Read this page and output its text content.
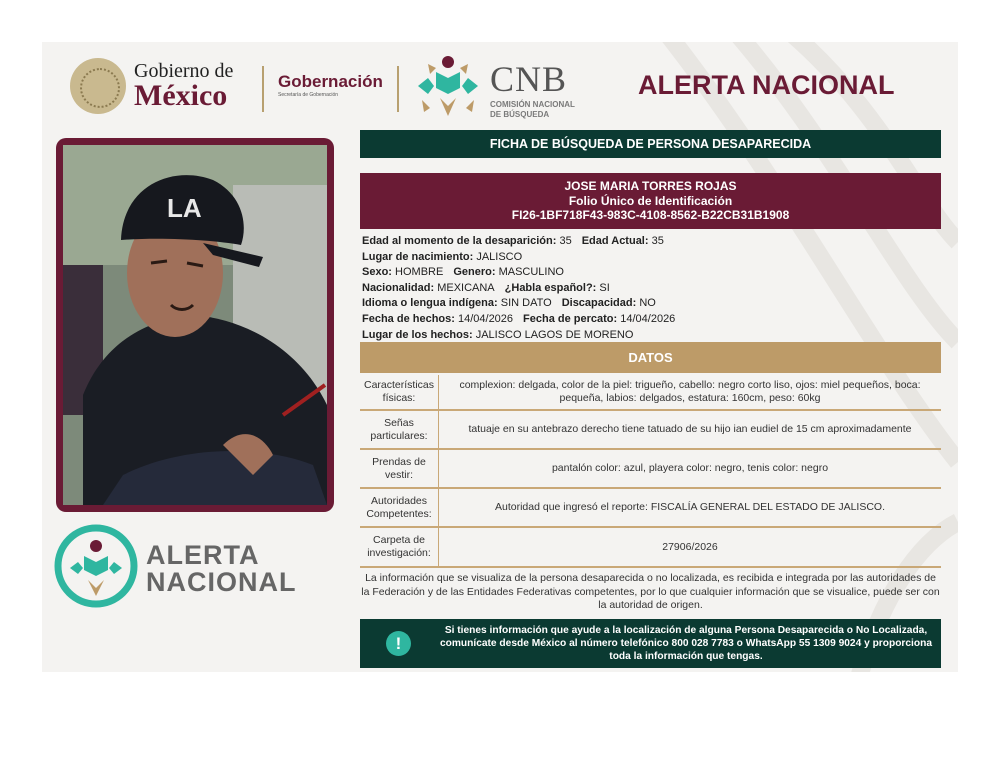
Gobierno de
México	Gobernación
Secretaría de Gobernación	CNB
COMISIÓN NACIONAL
DE BÚSQUEDA
ALERTA NACIONAL
LA
ALERTA
NACIONAL
FICHA DE BÚSQUEDA DE PERSONA DESAPARECIDA
JOSE MARIA TORRES ROJAS
Folio Único de Identificación
FI26-1BF718F43-983C-4108-8562-B22CB31B1908
Edad al momento de la desaparición: 35 Edad Actual: 35
Lugar de nacimiento: JALISCO
Sexo: HOMBRE Genero: MASCULINO
Nacionalidad: MEXICANA ¿Habla español?: SI
Idioma o lengua indígena: SIN DATO Discapacidad: NO
Fecha de hechos: 14/04/2026 Fecha de percato: 14/04/2026
Lugar de los hechos: JALISCO LAGOS DE MORENO
DATOS
Características
físicas:
complexion: delgada, color de la piel: trigueño, cabello: negro corto liso, ojos: miel pequeños, boca: pequeña, labios: delgados, estatura: 160cm, peso: 60kg
Señas
particulares:
tatuaje en su antebrazo derecho tiene tatuado de su hijo ian eudiel de 15 cm aproximadamente
Prendas de
vestir:
pantalón color: azul, playera color: negro, tenis color: negro
Autoridades
Competentes:
Autoridad que ingresó el reporte: FISCALÍA GENERAL DEL ESTADO DE JALISCO.
Carpeta de
investigación:
27906/2026
La información que se visualiza de la persona desaparecida o no localizada, es recibida e integrada por las autoridades de la Federación y de las Entidades Federativas competentes, por lo que cualquier información que se visualice, puede ser con la autoridad de origen.
!
Si tienes información que ayude a la localización de alguna Persona Desaparecida o No Localizada, comunícate desde México al número telefónico 800 028 7783 o WhatsApp 55 1309 9024 y proporciona toda la información que tengas.
